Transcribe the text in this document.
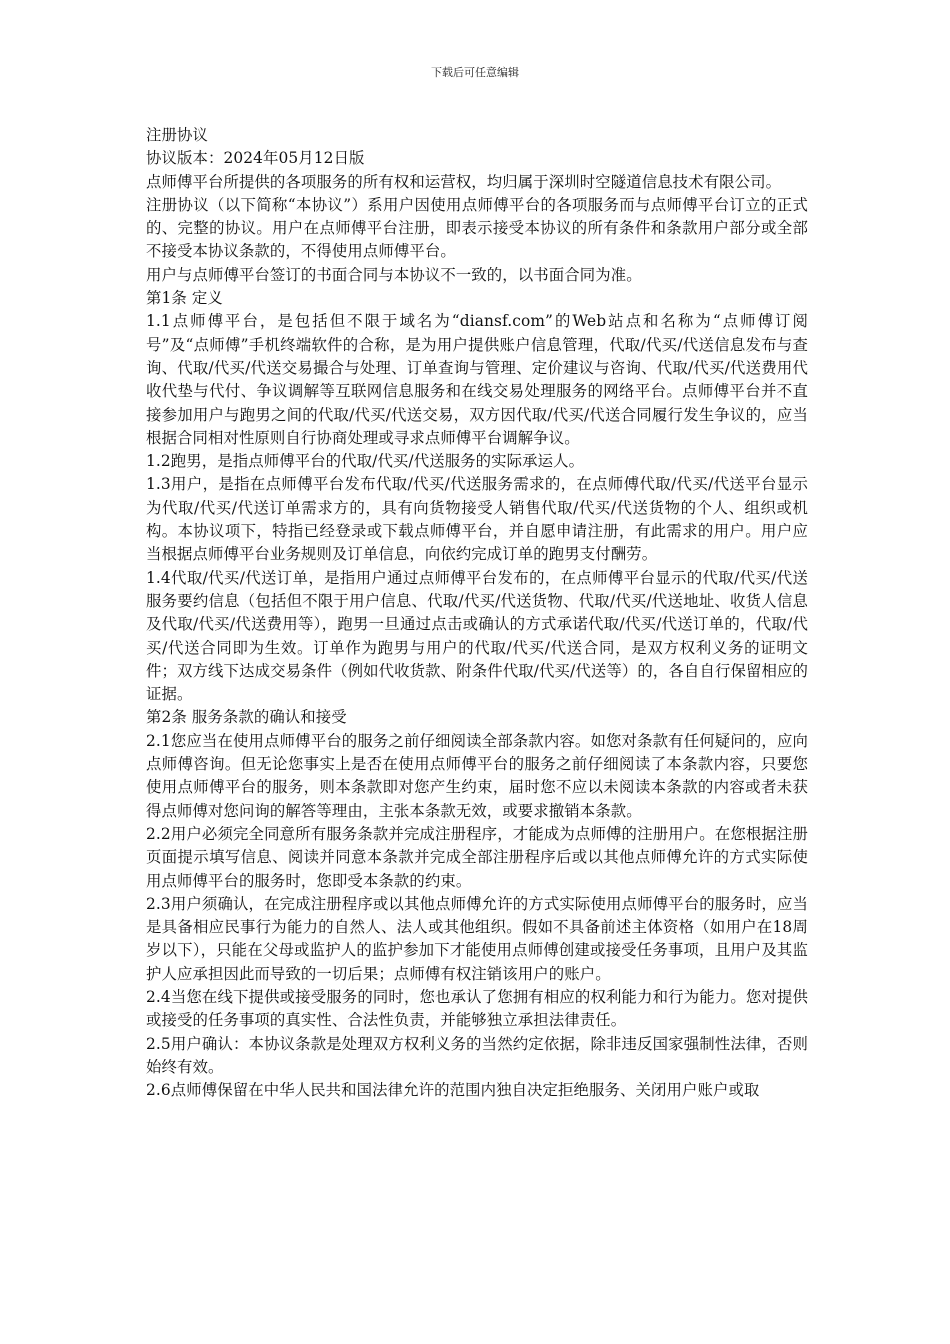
下载后可任意编辑

注册协议

协议版本：2024年05月12日版

点师傅平台所提供的各项服务的所有权和运营权，均归属于深圳时空隧道信息技术有限公司。

注册协议（以下简称“本协议”）系用户因使用点师傅平台的各项服务而与点师傅平台订立的正式的、完整的协议。用户在点师傅平台注册，即表示接受本协议的所有条件和条款用户部分或全部不接受本协议条款的，不得使用点师傅平台。

用户与点师傅平台签订的书面合同与本协议不一致的，以书面合同为准。

第1条 定义

1.1点师傅平台，是包括但不限于域名为“diansf.com”的Web站点和名称为“点师傅订阅号”及“点师傅”手机终端软件的合称，是为用户提供账户信息管理，代取/代买/代送信息发布与查询、代取/代买/代送交易撮合与处理、订单查询与管理、定价建议与咨询、代取/代买/代送费用代收代垫与代付、争议调解等互联网信息服务和在线交易处理服务的网络平台。点师傅平台并不直接参加用户与跑男之间的代取/代买/代送交易，双方因代取/代买/代送合同履行发生争议的，应当根据合同相对性原则自行协商处理或寻求点师傅平台调解争议。

1.2跑男，是指点师傅平台的代取/代买/代送服务的实际承运人。

1.3用户，是指在点师傅平台发布代取/代买/代送服务需求的，在点师傅代取/代买/代送平台显示为代取/代买/代送订单需求方的，具有向货物接受人销售代取/代买/代送货物的个人、组织或机构。本协议项下，特指已经登录或下载点师傅平台，并自愿申请注册，有此需求的用户。用户应当根据点师傅平台业务规则及订单信息，向依约完成订单的跑男支付酬劳。

1.4代取/代买/代送订单，是指用户通过点师傅平台发布的，在点师傅平台显示的代取/代买/代送服务要约信息（包括但不限于用户信息、代取/代买/代送货物、代取/代买/代送地址、收货人信息及代取/代买/代送费用等），跑男一旦通过点击或确认的方式承诺代取/代买/代送订单的，代取/代买/代送合同即为生效。订单作为跑男与用户的代取/代买/代送合同，是双方权利义务的证明文件；双方线下达成交易条件（例如代收货款、附条件代取/代买/代送等）的，各自自行保留相应的证据。

第2条 服务条款的确认和接受

2.1您应当在使用点师傅平台的服务之前仔细阅读全部条款内容。如您对条款有任何疑问的，应向点师傅咨询。但无论您事实上是否在使用点师傅平台的服务之前仔细阅读了本条款内容，只要您使用点师傅平台的服务，则本条款即对您产生约束，届时您不应以未阅读本条款的内容或者未获得点师傅对您问询的解答等理由，主张本条款无效，或要求撤销本条款。

2.2用户必须完全同意所有服务条款并完成注册程序，才能成为点师傅的注册用户。在您根据注册页面提示填写信息、阅读并同意本条款并完成全部注册程序后或以其他点师傅允许的方式实际使用点师傅平台的服务时，您即受本条款的约束。

2.3用户须确认，在完成注册程序或以其他点师傅允许的方式实际使用点师傅平台的服务时，应当是具备相应民事行为能力的自然人、法人或其他组织。假如不具备前述主体资格（如用户在18周岁以下），只能在父母或监护人的监护参加下才能使用点师傅创建或接受任务事项，且用户及其监护人应承担因此而导致的一切后果；点师傅有权注销该用户的账户。

2.4当您在线下提供或接受服务的同时，您也承认了您拥有相应的权利能力和行为能力。您对提供或接受的任务事项的真实性、合法性负责，并能够独立承担法律责任。

2.5用户确认：本协议条款是处理双方权利义务的当然约定依据，除非违反国家强制性法律，否则始终有效。

2.6点师傅保留在中华人民共和国法律允许的范围内独自决定拒绝服务、关闭用户账户或取
